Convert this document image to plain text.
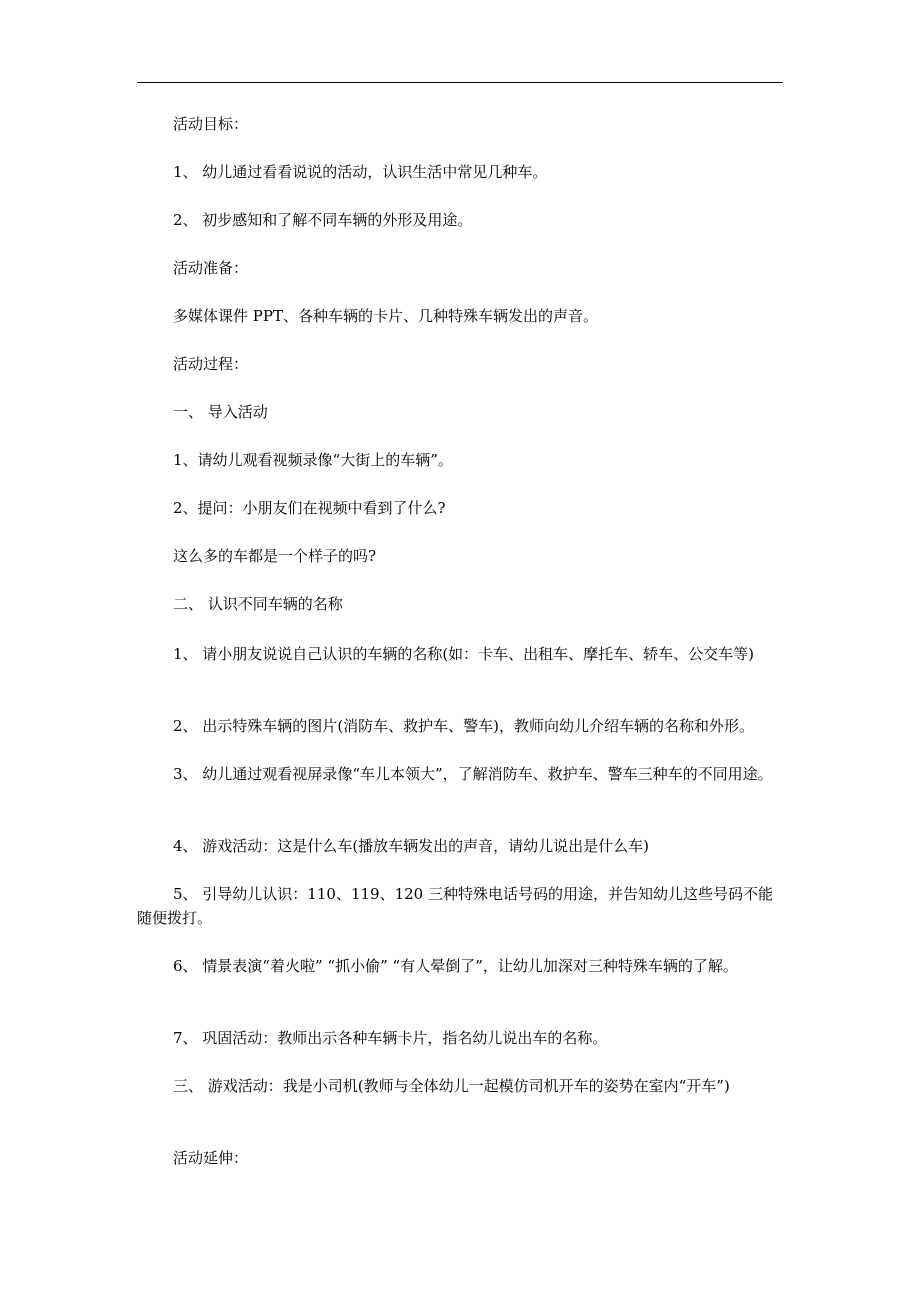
活动目标：

1、 幼儿通过看看说说的活动，认识生活中常见几种车。

2、 初步感知和了解不同车辆的外形及用途。

活动准备：

多媒体课件 PPT、各种车辆的卡片、几种特殊车辆发出的声音。

活动过程：

一、 导入活动

1、请幼儿观看视频录像“大街上的车辆”。

2、提问：小朋友们在视频中看到了什么?

这么多的车都是一个样子的吗?

二、 认识不同车辆的名称

1、 请小朋友说说自己认识的车辆的名称(如：卡车、出租车、摩托车、轿车、公交车等)

2、 出示特殊车辆的图片(消防车、救护车、警车)，教师向幼儿介绍车辆的名称和外形。

3、 幼儿通过观看视屏录像“车儿本领大”，了解消防车、救护车、警车三种车的不同用途。

4、 游戏活动：这是什么车(播放车辆发出的声音，请幼儿说出是什么车)

5、 引导幼儿认识：110、119、120 三种特殊电话号码的用途，并告知幼儿这些号码不能随便拨打。

6、 情景表演“着火啦” “抓小偷” “有人晕倒了”，让幼儿加深对三种特殊车辆的了解。

7、 巩固活动：教师出示各种车辆卡片，指名幼儿说出车的名称。

三、 游戏活动：我是小司机(教师与全体幼儿一起模仿司机开车的姿势在室内“开车”)

活动延伸：
